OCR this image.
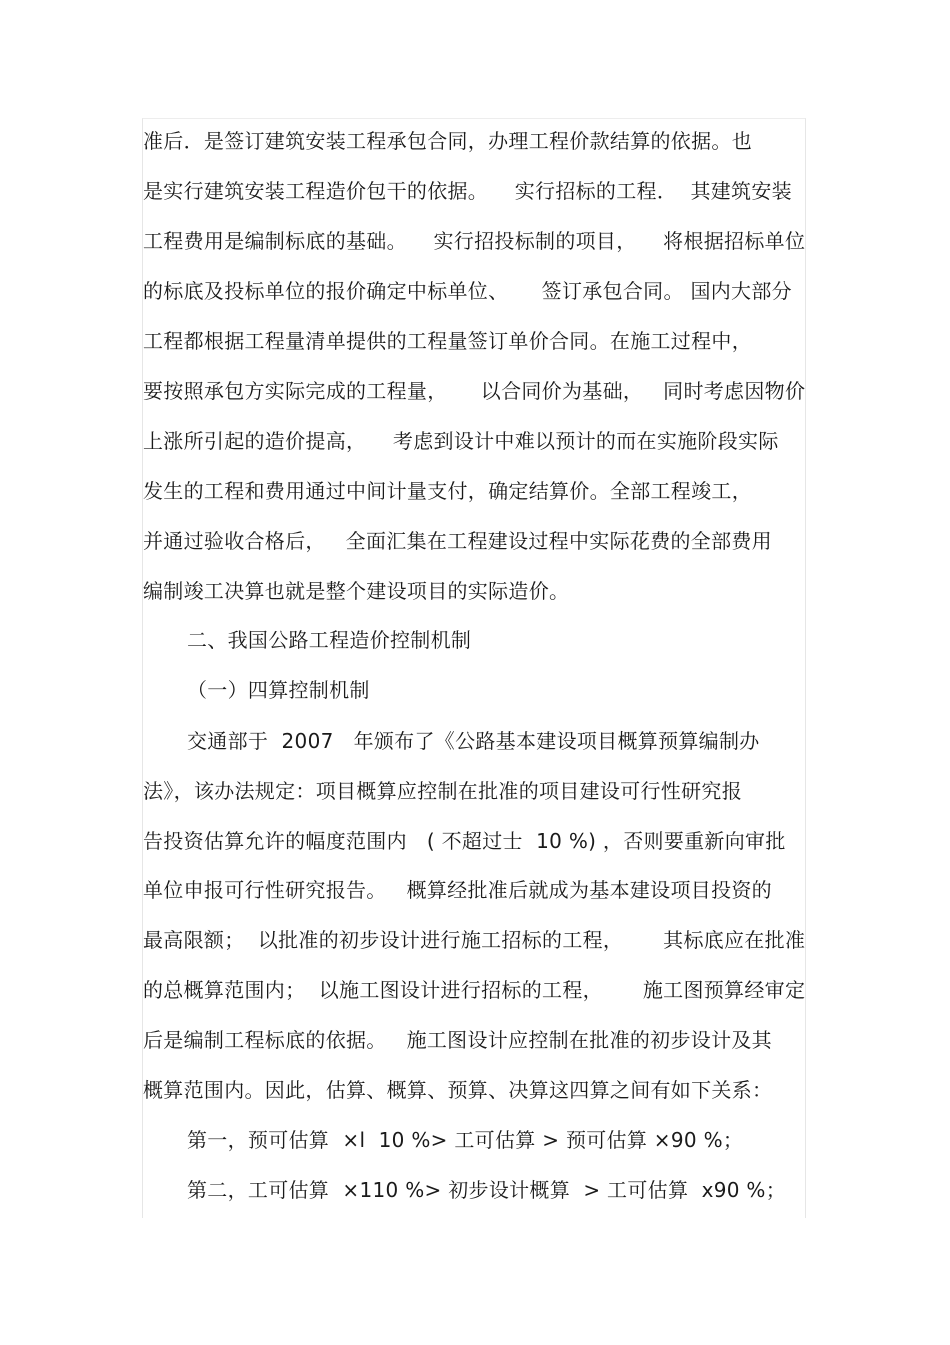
准后．是签订建筑安装工程承包合同，办理工程价款结算的依据。也
是实行建筑安装工程造价包干的依据。    实行招标的工程．  其建筑安装
工程费用是编制标底的基础。    实行招投标制的项目，    将根据招标单位
的标底及投标单位的报价确定中标单位、     签订承包合同。 国内大部分
工程都根据工程量清单提供的工程量签订单价合同。在施工过程中，
要按照承包方实际完成的工程量，     以合同价为基础，   同时考虑因物价
上涨所引起的造价提高，    考虑到设计中难以预计的而在实施阶段实际
发生的工程和费用通过中间计量支付，确定结算价。全部工程竣工，
并通过验收合格后，   全面汇集在工程建设过程中实际花费的全部费用
编制竣工决算也就是整个建设项目的实际造价。
二、我国公路工程造价控制机制
（一）四算控制机制
交通部于  2007   年颁布了《公路基本建设项目概算预算编制办
法》，该办法规定：项目概算应控制在批准的项目建设可行性研究报
告投资估算允许的幅度范围内   ( 不超过士  10 %) ，否则要重新向审批
单位申报可行性研究报告。   概算经批准后就成为基本建设项目投资的
最高限额；  以批准的初步设计进行施工招标的工程，      其标底应在批准
的总概算范围内；  以施工图设计进行招标的工程，      施工图预算经审定
后是编制工程标底的依据。   施工图设计应控制在批准的初步设计及其
概算范围内。因此，估算、概算、预算、决算这四算之间有如下关系：
第一，预可估算  ×l  10 %> 工可估算 > 预可估算 ×90 %；
第二，工可估算  ×110 %> 初步设计概算  > 工可估算  x90 %；
